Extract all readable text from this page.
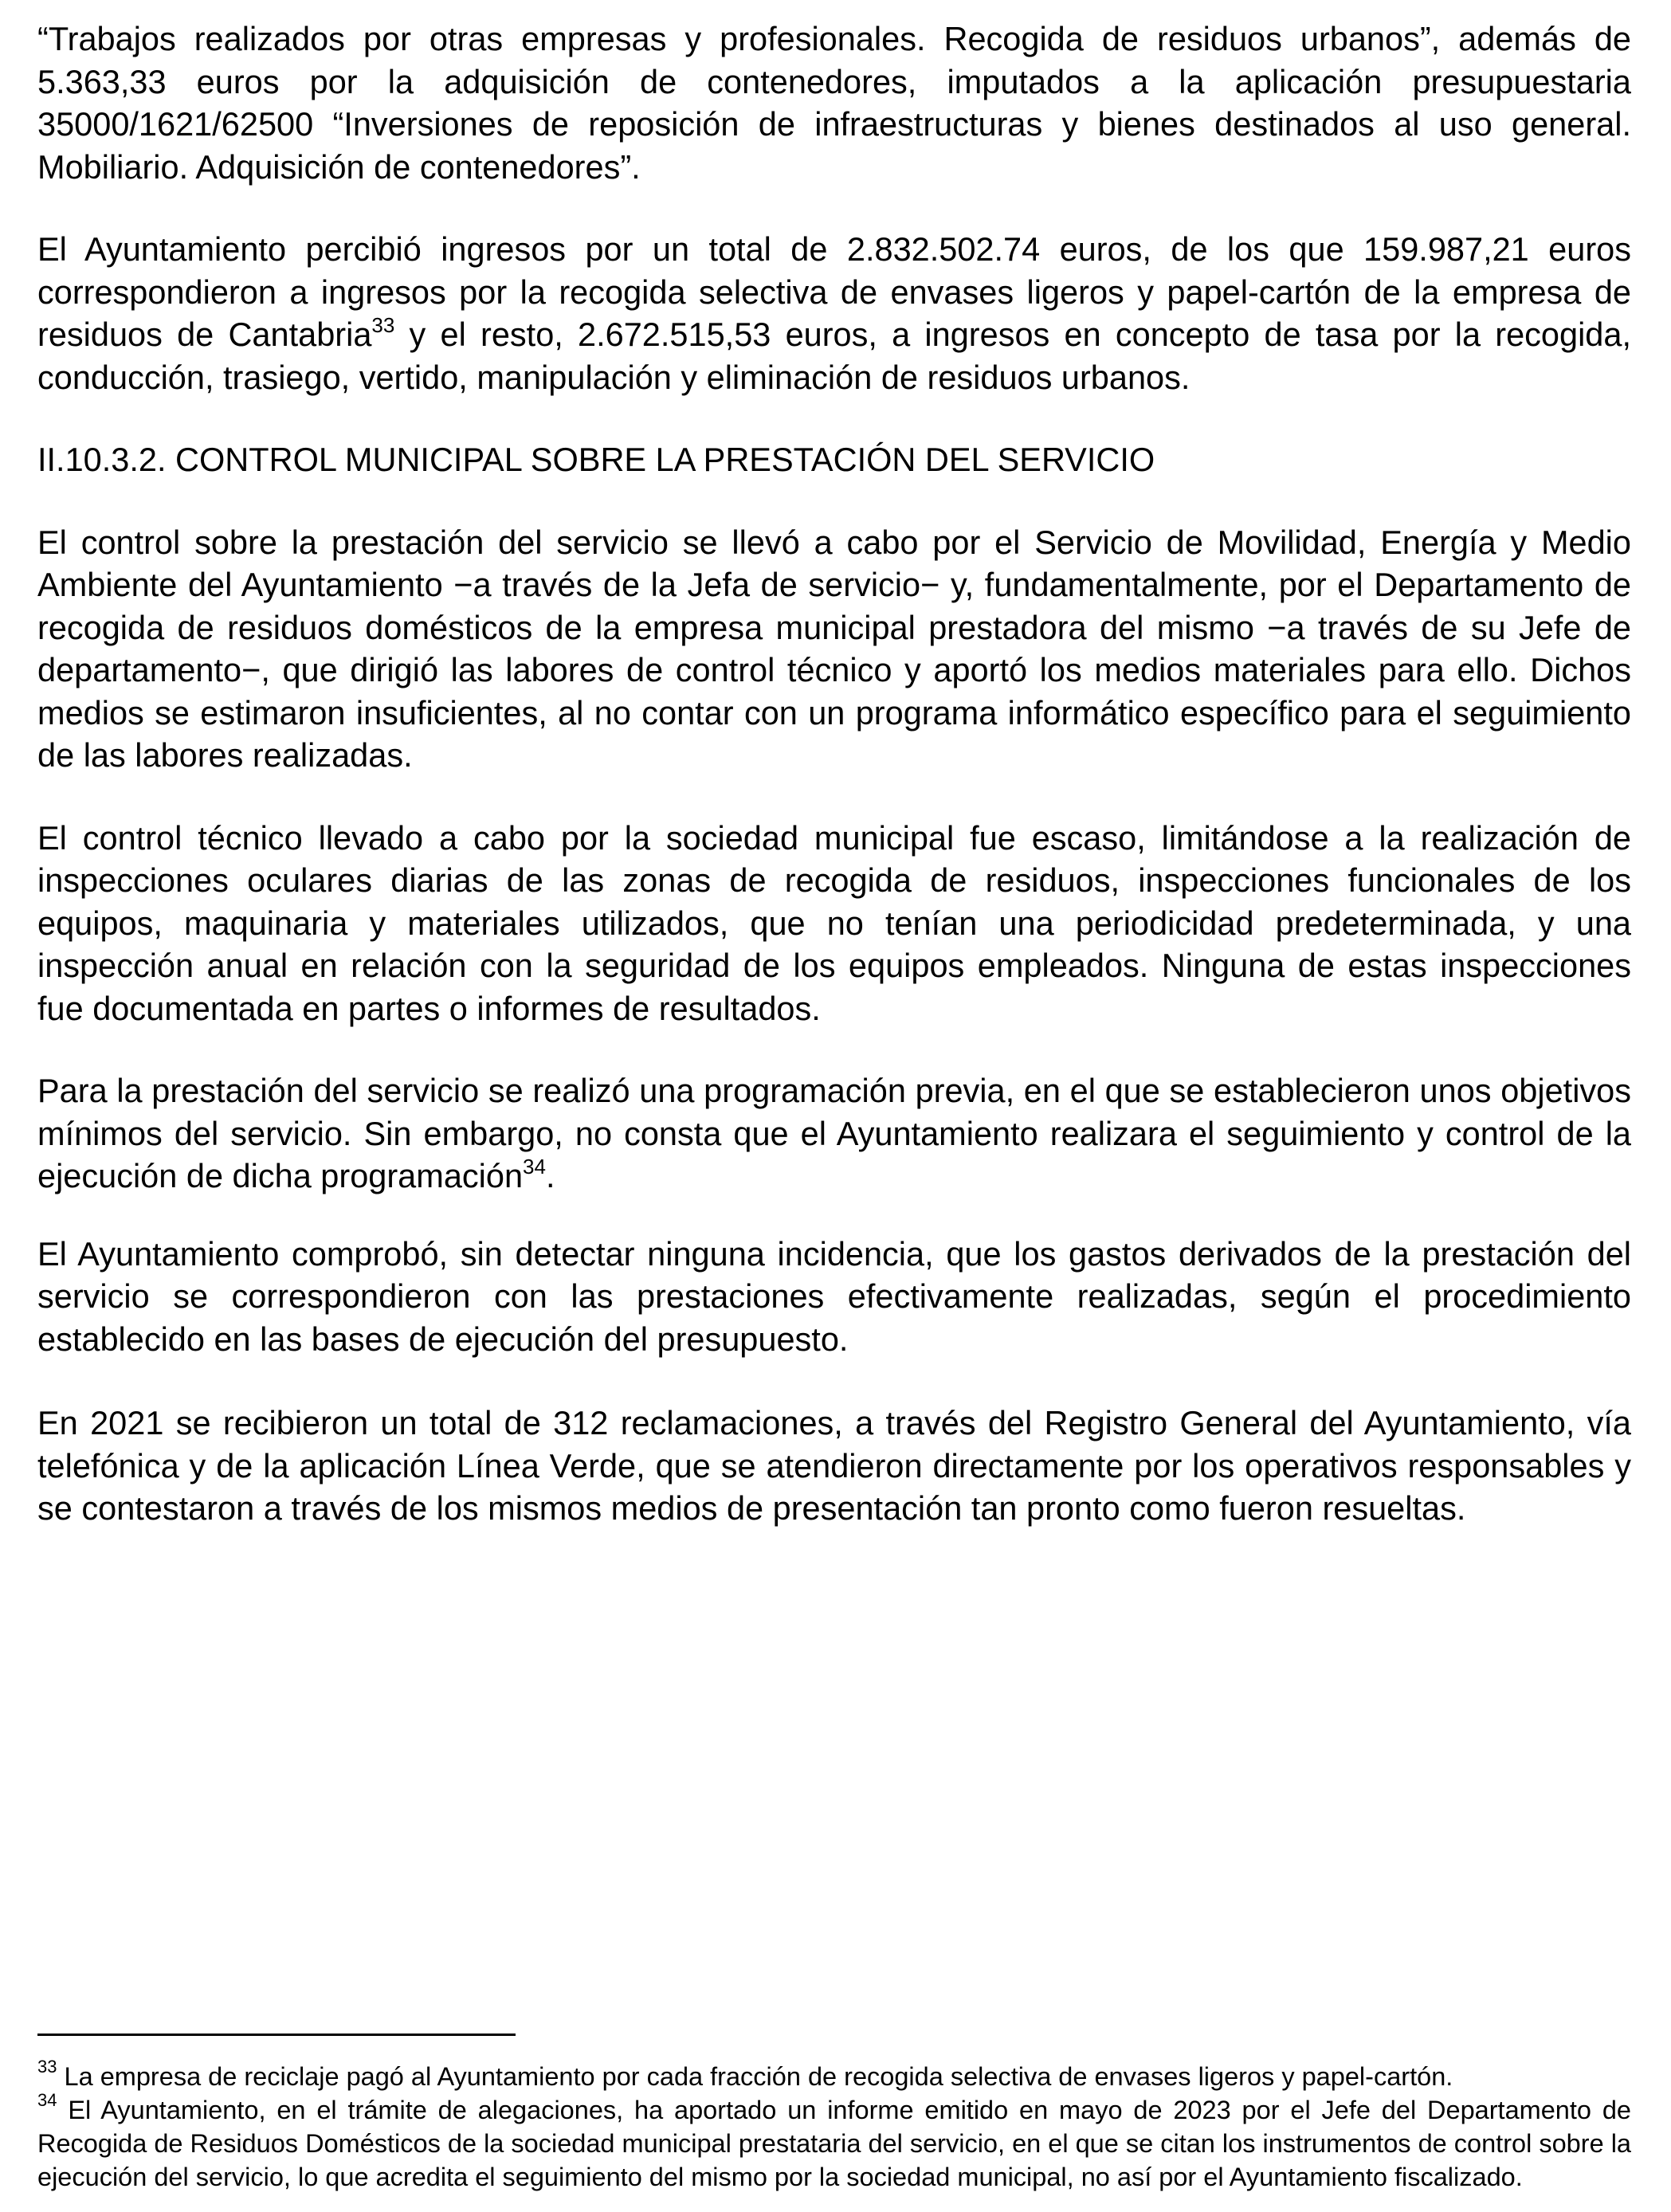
“Trabajos realizados por otras empresas y profesionales. Recogida de residuos urbanos”, además de 5.363,33 euros por la adquisición de contenedores, imputados a la aplicación presupuestaria 35000/1621/62500 “Inversiones de reposición de infraestructuras y bienes destinados al uso general. Mobiliario. Adquisición de contenedores”.

El Ayuntamiento percibió ingresos por un total de 2.832.502.74 euros, de los que 159.987,21 euros correspondieron a ingresos por la recogida selectiva de envases ligeros y papel-cartón de la empresa de residuos de Cantabria$^{33}$ y el resto, 2.672.515,53 euros, a ingresos en concepto de tasa por la recogida, conducción, trasiego, vertido, manipulación y eliminación de residuos urbanos.

II.10.3.2. CONTROL MUNICIPAL SOBRE LA PRESTACIÓN DEL SERVICIO

El control sobre la prestación del servicio se llevó a cabo por el Servicio de Movilidad, Energía y Medio Ambiente del Ayuntamiento −a través de la Jefa de servicio− y, fundamentalmente, por el Departamento de recogida de residuos domésticos de la empresa municipal prestadora del mismo −a través de su Jefe de departamento−, que dirigió las labores de control técnico y aportó los medios materiales para ello. Dichos medios se estimaron insuficientes, al no contar con un programa informático específico para el seguimiento de las labores realizadas.

El control técnico llevado a cabo por la sociedad municipal fue escaso, limitándose a la realización de inspecciones oculares diarias de las zonas de recogida de residuos, inspecciones funcionales de los equipos, maquinaria y materiales utilizados, que no tenían una periodicidad predeterminada, y una inspección anual en relación con la seguridad de los equipos empleados. Ninguna de estas inspecciones fue documentada en partes o informes de resultados.

Para la prestación del servicio se realizó una programación previa, en el que se establecieron unos objetivos mínimos del servicio. Sin embargo, no consta que el Ayuntamiento realizara el seguimiento y control de la ejecución de dicha programación$^{34}$.

El Ayuntamiento comprobó, sin detectar ninguna incidencia, que los gastos derivados de la prestación del servicio se correspondieron con las prestaciones efectivamente realizadas, según el procedimiento establecido en las bases de ejecución del presupuesto.

En 2021 se recibieron un total de 312 reclamaciones, a través del Registro General del Ayuntamiento, vía telefónica y de la aplicación Línea Verde, que se atendieron directamente por los operativos responsables y se contestaron a través de los mismos medios de presentación tan pronto como fueron resueltas.

$^{33}$ La empresa de reciclaje pagó al Ayuntamiento por cada fracción de recogida selectiva de envases ligeros y papel-cartón.

$^{34}$ El Ayuntamiento, en el trámite de alegaciones, ha aportado un informe emitido en mayo de 2023 por el Jefe del Departamento de Recogida de Residuos Domésticos de la sociedad municipal prestataria del servicio, en el que se citan los instrumentos de control sobre la ejecución del servicio, lo que acredita el seguimiento del mismo por la sociedad municipal, no así por el Ayuntamiento fiscalizado.
